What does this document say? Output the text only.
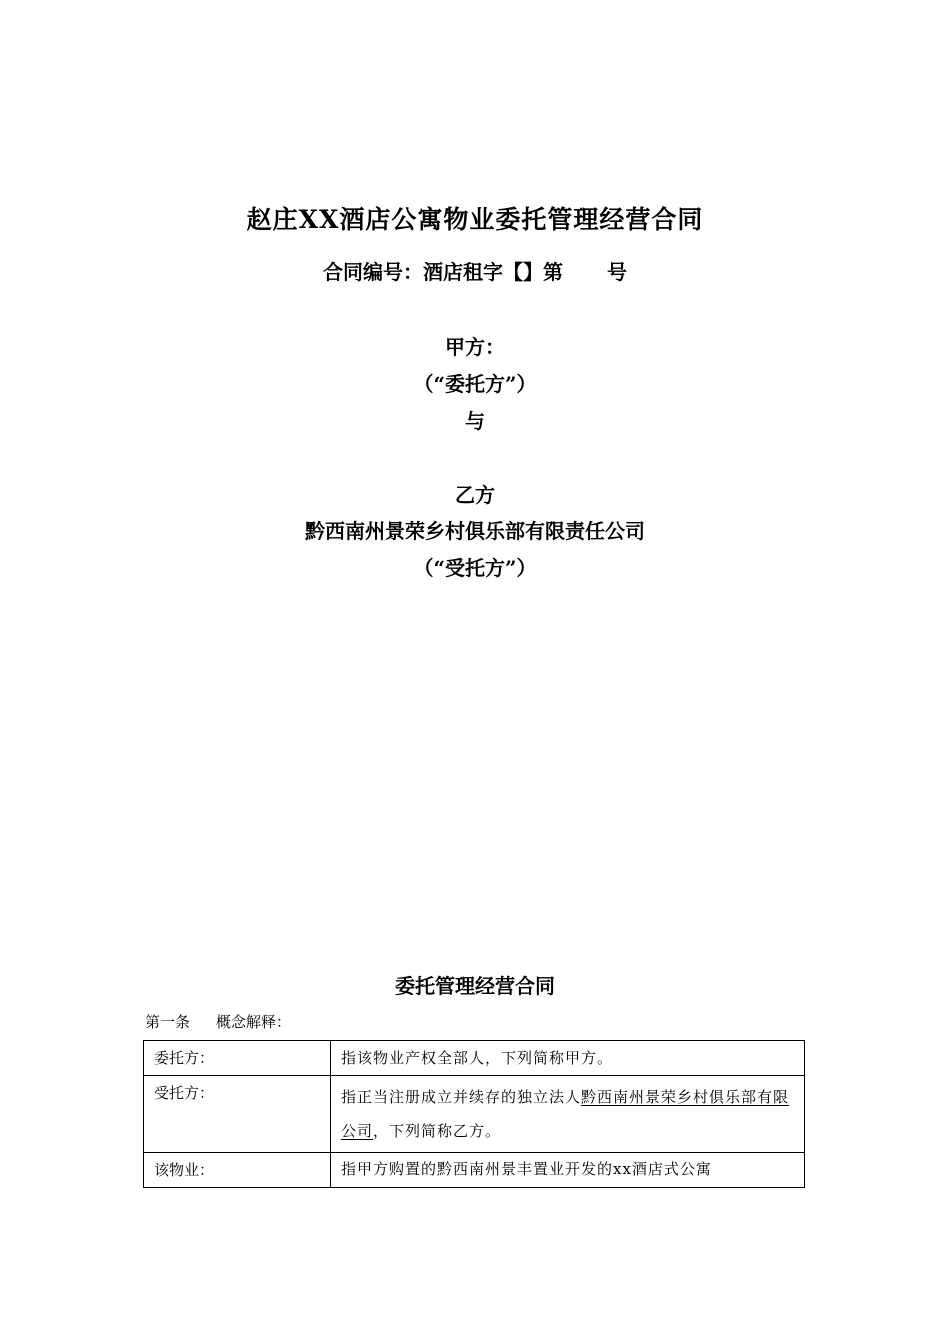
赵庄XX酒店公寓物业委托管理经营合同
合同编号：酒店租字【】第 号
甲方：
（“委托方”）
与
乙方
黔西南州景荣乡村俱乐部有限责任公司
（“受托方”）
委托管理经营合同
第一条 概念解释：
委托方：	指该物业产权全部人，下列简称甲方。
受托方：	指正当注册成立并续存的独立法人黔西南州景荣乡村俱乐部有限公司，下列简称乙方。
该物业：	指甲方购置的黔西南州景丰置业开发的xx酒店式公寓
